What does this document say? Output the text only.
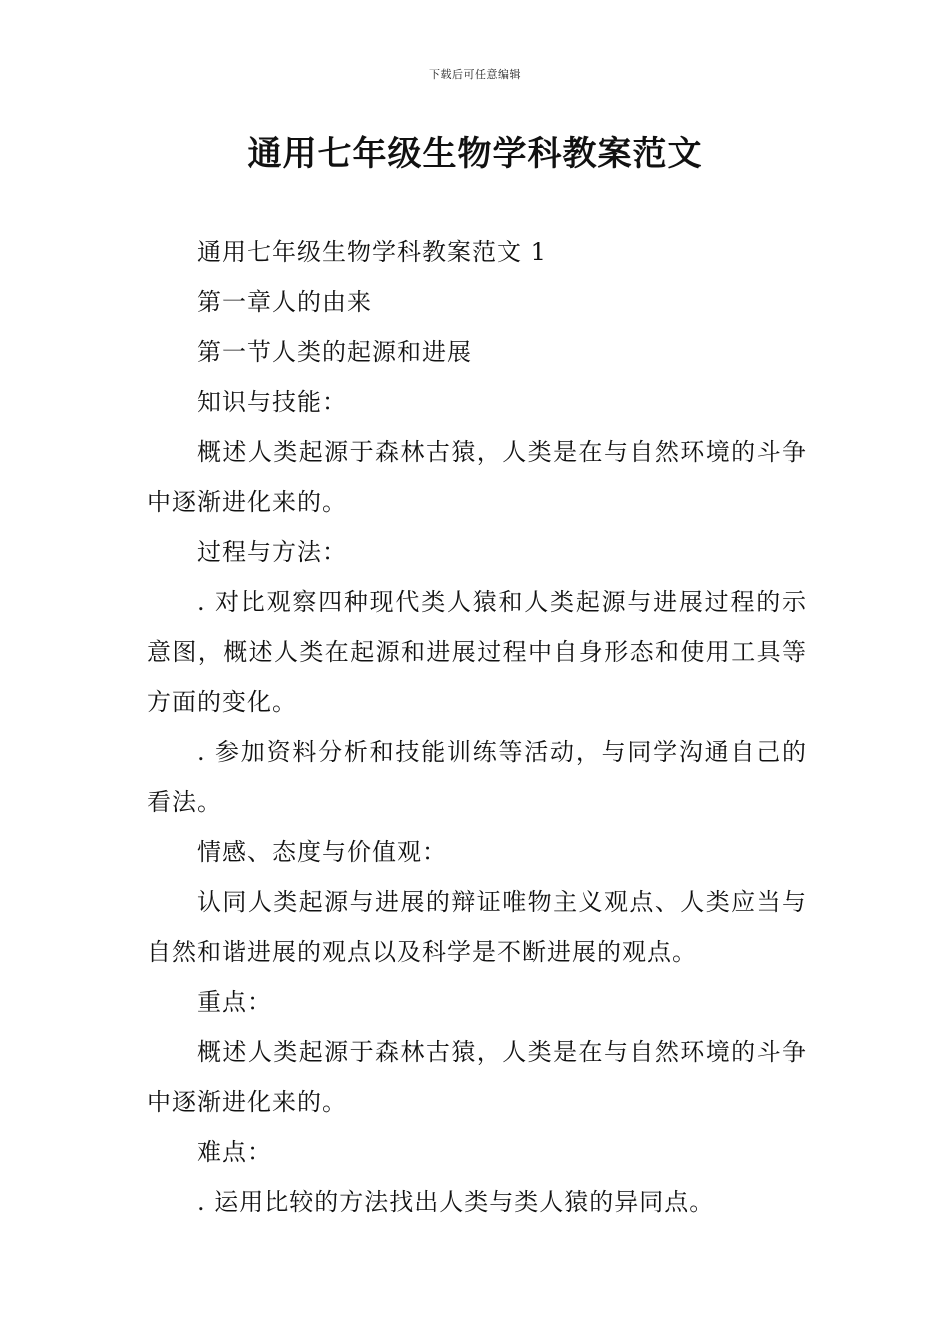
下载后可任意编辑
通用七年级生物学科教案范文

通用七年级生物学科教案范文 1

第一章人的由来

第一节人类的起源和进展

知识与技能：

概述人类起源于森林古猿，人类是在与自然环境的斗争中逐渐进化来的。

过程与方法：

. 对比观察四种现代类人猿和人类起源与进展过程的示意图，概述人类在起源和进展过程中自身形态和使用工具等方面的变化。

. 参加资料分析和技能训练等活动，与同学沟通自己的看法。

情感、态度与价值观：

认同人类起源与进展的辩证唯物主义观点、人类应当与自然和谐进展的观点以及科学是不断进展的观点。

重点：

概述人类起源于森林古猿，人类是在与自然环境的斗争中逐渐进化来的。

难点：

. 运用比较的方法找出人类与类人猿的异同点。
